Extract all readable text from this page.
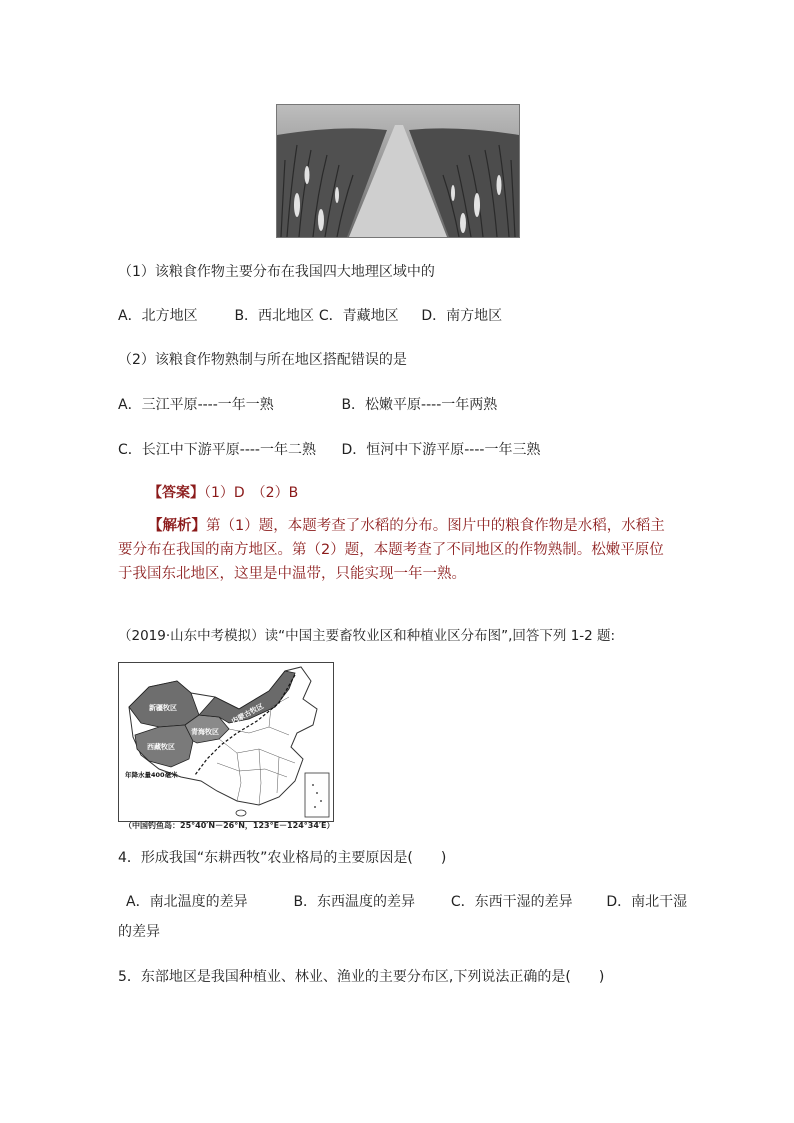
（1）该粮食作物主要分布在我国四大地理区域中的
A．北方地区	B．西北地区 C．青藏地区 D．南方地区
（2）该粮食作物熟制与所在地区搭配错误的是
A．三江平原----一年一熟	B．松嫩平原----一年两熟
C．长江中下游平原----一年二熟 D．恒河中下游平原----一年三熟
【答案】（1）D　（2）B
【解析】第（1）题，本题考查了水稻的分布。图片中的粮食作物是水稻，水稻主要分布在我国的南方地区。第（2）题，本题考查了不同地区的作物熟制。松嫩平原位于我国东北地区，这里是中温带，只能实现一年一熟。
（2019·山东中考模拟）读“中国主要畜牧业区和种植业区分布图”,回答下列 1-2 题:
新疆牧区
西藏牧区
青海牧区
内蒙古牧区
年降水量400毫米
（中国钓鱼岛：25°40′N－26°N，123°E－124°34′E）
4．形成我国“东耕西牧”农业格局的主要原因是(　　)
A．南北温度的差异	B．东西温度的差异	C．东西干湿的差异 D．南北干湿
的差异
5．东部地区是我国种植业、林业、渔业的主要分布区,下列说法正确的是(　　)
